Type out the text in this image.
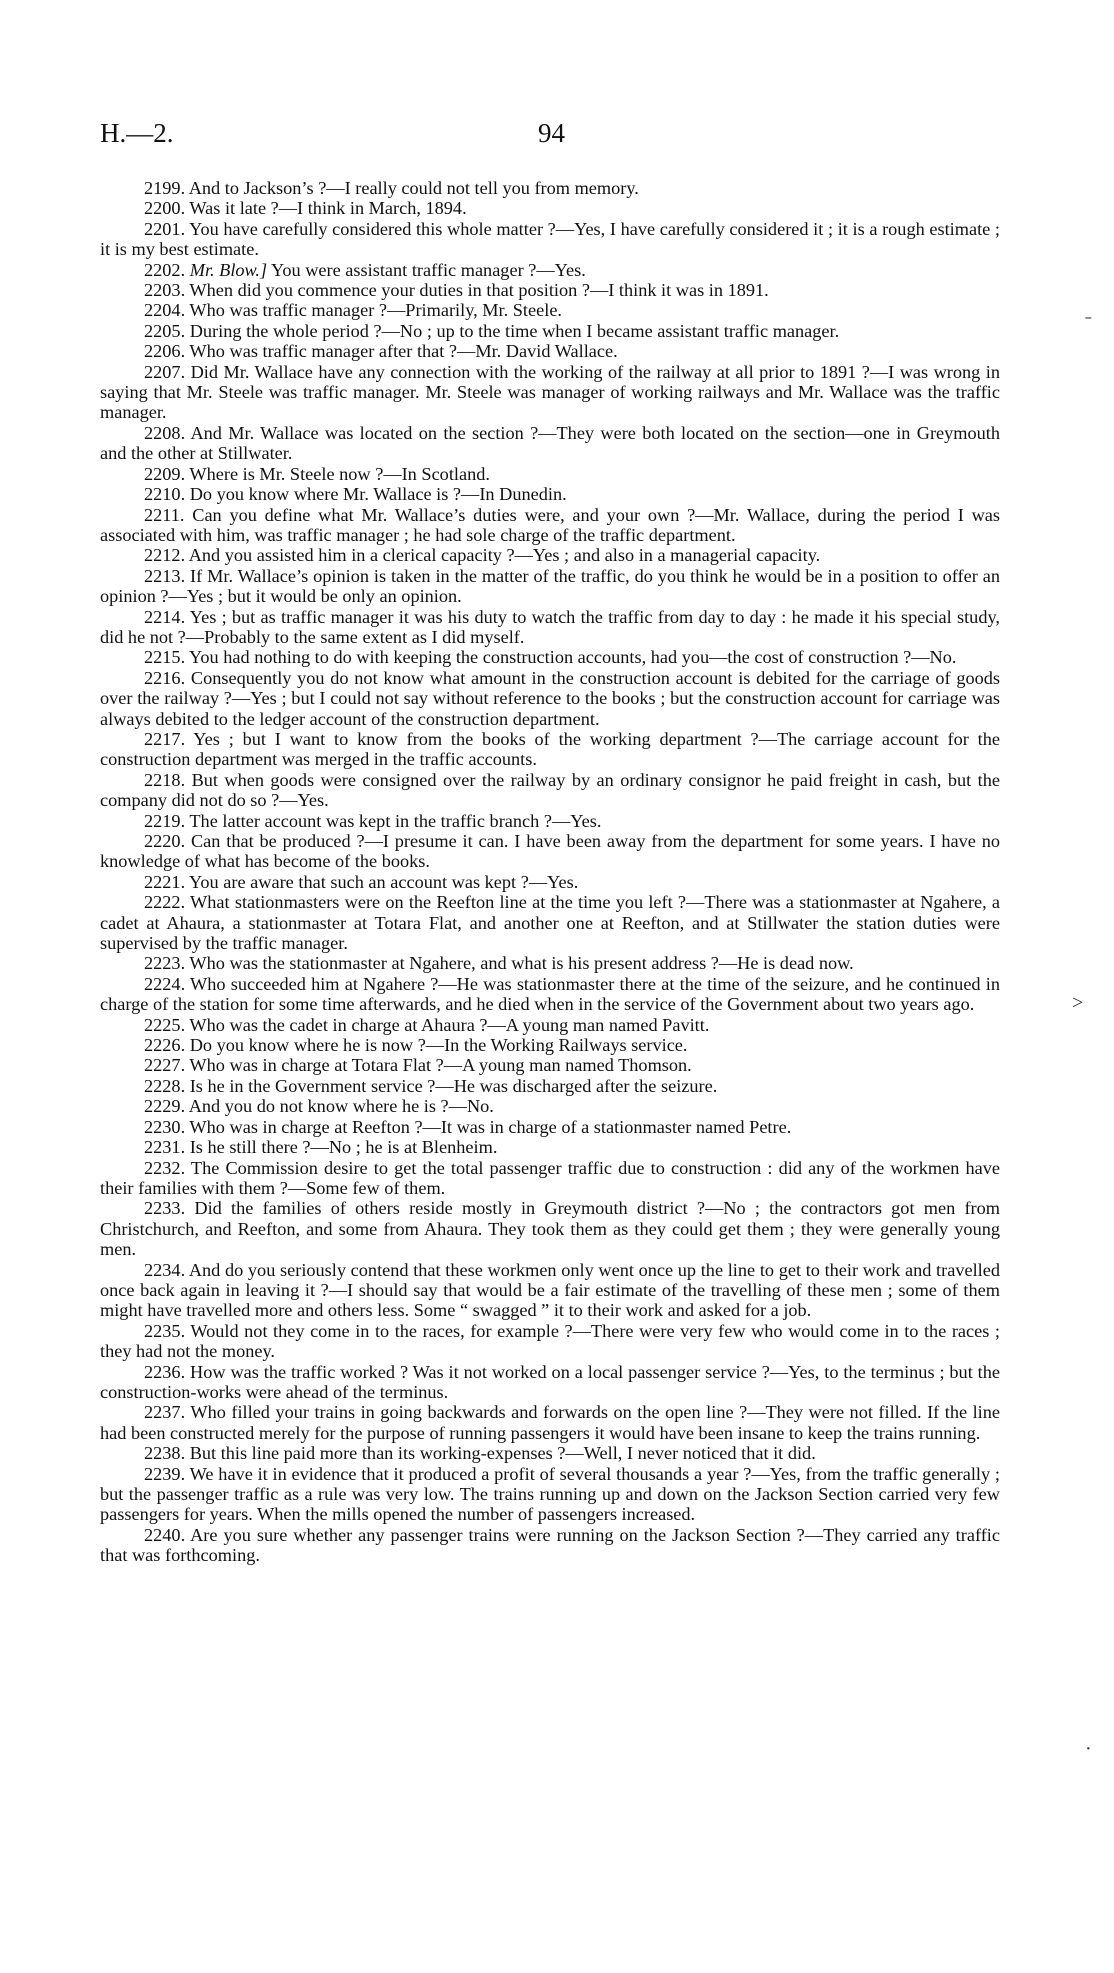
H.—2.	94

2199. And to Jackson’s ?—I really could not tell you from memory.

2200. Was it late ?—I think in March, 1894.

2201. You have carefully considered this whole matter ?—Yes, I have carefully considered it ; it is a rough estimate ; it is my best estimate.

2202. Mr. Blow.] You were assistant traffic manager ?—Yes.

2203. When did you commence your duties in that position ?—I think it was in 1891.

2204. Who was traffic manager ?—Primarily, Mr. Steele.

2205. During the whole period ?—No ; up to the time when I became assistant traffic manager.

2206. Who was traffic manager after that ?—Mr. David Wallace.

2207. Did Mr. Wallace have any connection with the working of the railway at all prior to 1891 ?—I was wrong in saying that Mr. Steele was traffic manager. Mr. Steele was manager of working railways and Mr. Wallace was the traffic manager.

2208. And Mr. Wallace was located on the section ?—They were both located on the section—one in Greymouth and the other at Stillwater.

2209. Where is Mr. Steele now ?—In Scotland.

2210. Do you know where Mr. Wallace is ?—In Dunedin.

2211. Can you define what Mr. Wallace’s duties were, and your own ?—Mr. Wallace, during the period I was associated with him, was traffic manager ; he had sole charge of the traffic department.

2212. And you assisted him in a clerical capacity ?—Yes ; and also in a managerial capacity.

2213. If Mr. Wallace’s opinion is taken in the matter of the traffic, do you think he would be in a position to offer an opinion ?—Yes ; but it would be only an opinion.

2214. Yes ; but as traffic manager it was his duty to watch the traffic from day to day : he made it his special study, did he not ?—Probably to the same extent as I did myself.

2215. You had nothing to do with keeping the construction accounts, had you—the cost of construction ?—No.

2216. Consequently you do not know what amount in the construction account is debited for the carriage of goods over the railway ?—Yes ; but I could not say without reference to the books ; but the construction account for carriage was always debited to the ledger account of the construction department.

2217. Yes ; but I want to know from the books of the working department ?—The carriage account for the construction department was merged in the traffic accounts.

2218. But when goods were consigned over the railway by an ordinary consignor he paid freight in cash, but the company did not do so ?—Yes.

2219. The latter account was kept in the traffic branch ?—Yes.

2220. Can that be produced ?—I presume it can. I have been away from the department for some years. I have no knowledge of what has become of the books.

2221. You are aware that such an account was kept ?—Yes.

2222. What stationmasters were on the Reefton line at the time you left ?—There was a stationmaster at Ngahere, a cadet at Ahaura, a stationmaster at Totara Flat, and another one at Reefton, and at Stillwater the station duties were supervised by the traffic manager.

2223. Who was the stationmaster at Ngahere, and what is his present address ?—He is dead now.

2224. Who succeeded him at Ngahere ?—He was stationmaster there at the time of the seizure, and he continued in charge of the station for some time afterwards, and he died when in the service of the Government about two years ago.

2225. Who was the cadet in charge at Ahaura ?—A young man named Pavitt.

2226. Do you know where he is now ?—In the Working Railways service.

2227. Who was in charge at Totara Flat ?—A young man named Thomson.

2228. Is he in the Government service ?—He was discharged after the seizure.

2229. And you do not know where he is ?—No.

2230. Who was in charge at Reefton ?—It was in charge of a stationmaster named Petre.

2231. Is he still there ?—No ; he is at Blenheim.

2232. The Commission desire to get the total passenger traffic due to construction : did any of the workmen have their families with them ?—Some few of them.

2233. Did the families of others reside mostly in Greymouth district ?—No ; the contractors got men from Christchurch, and Reefton, and some from Ahaura. They took them as they could get them ; they were generally young men.

2234. And do you seriously contend that these workmen only went once up the line to get to their work and travelled once back again in leaving it ?—I should say that would be a fair estimate of the travelling of these men ; some of them might have travelled more and others less. Some “ swagged ” it to their work and asked for a job.

2235. Would not they come in to the races, for example ?—There were very few who would come in to the races ; they had not the money.

2236. How was the traffic worked ? Was it not worked on a local passenger service ?—Yes, to the terminus ; but the construction-works were ahead of the terminus.

2237. Who filled your trains in going backwards and forwards on the open line ?—They were not filled. If the line had been constructed merely for the purpose of running passengers it would have been insane to keep the trains running.

2238. But this line paid more than its working-expenses ?—Well, I never noticed that it did.

2239. We have it in evidence that it produced a profit of several thousands a year ?—Yes, from the traffic generally ; but the passenger traffic as a rule was very low. The trains running up and down on the Jackson Section carried very few passengers for years. When the mills opened the number of passengers increased.

2240. Are you sure whether any passenger trains were running on the Jackson Section ?—They carried any traffic that was forthcoming.

˗
>
·
